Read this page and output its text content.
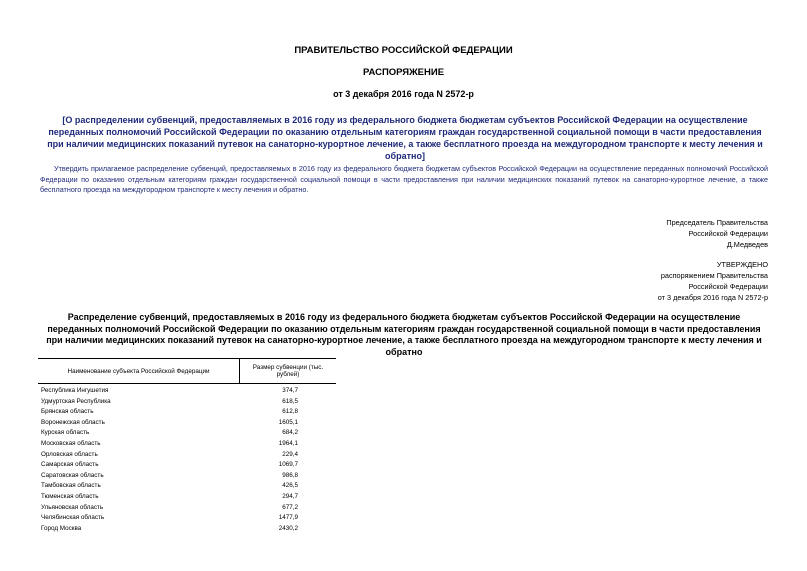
ПРАВИТЕЛЬСТВО РОССИЙСКОЙ ФЕДЕРАЦИИ
РАСПОРЯЖЕНИЕ
от 3 декабря 2016 года N 2572-р
[О распределении субвенций, предоставляемых в 2016 году из федерального бюджета бюджетам субъектов Российской Федерации на осуществление переданных полномочий Российской Федерации по оказанию отдельным категориям граждан государственной социальной помощи в части предоставления при наличии медицинских показаний путевок на санаторно-курортное лечение, а также бесплатного проезда на междугородном транспорте к месту лечения и обратно]
Утвердить прилагаемое распределение субвенций, предоставляемых в 2016 году из федерального бюджета бюджетам субъектов Российской Федерации на осуществление переданных полномочий Российской Федерации по оказанию отдельным категориям граждан государственной социальной помощи в части предоставления при наличии медицинских показаний путевок на санаторно-курортное лечение, а также бесплатного проезда на междугородном транспорте к месту лечения и обратно.
Председатель Правительства
Российской Федерации
Д.Медведев
УТВЕРЖДЕНО
распоряжением Правительства
Российской Федерации
от 3 декабря 2016 года N 2572-р
Распределение субвенций, предоставляемых в 2016 году из федерального бюджета бюджетам субъектов Российской Федерации на осуществление переданных полномочий Российской Федерации по оказанию отдельным категориям граждан государственной социальной помощи в части предоставления при наличии медицинских показаний путевок на санаторно-курортное лечение, а также бесплатного проезда на междугородном транспорте к месту лечения и обратно
Наименование субъекта Российской Федерации	Размер субвенции (тыс. рублей)
Республика Ингушетия	374,7
Удмуртская Республика	618,5
Брянская область	612,8
Воронежская область	1605,1
Курская область	684,2
Московская область	1964,1
Орловская область	229,4
Самарская область	1069,7
Саратовская область	986,8
Тамбовская область	426,5
Тюменская область	294,7
Ульяновская область	677,2
Челябинская область	1477,9
Город Москва	2430,2
